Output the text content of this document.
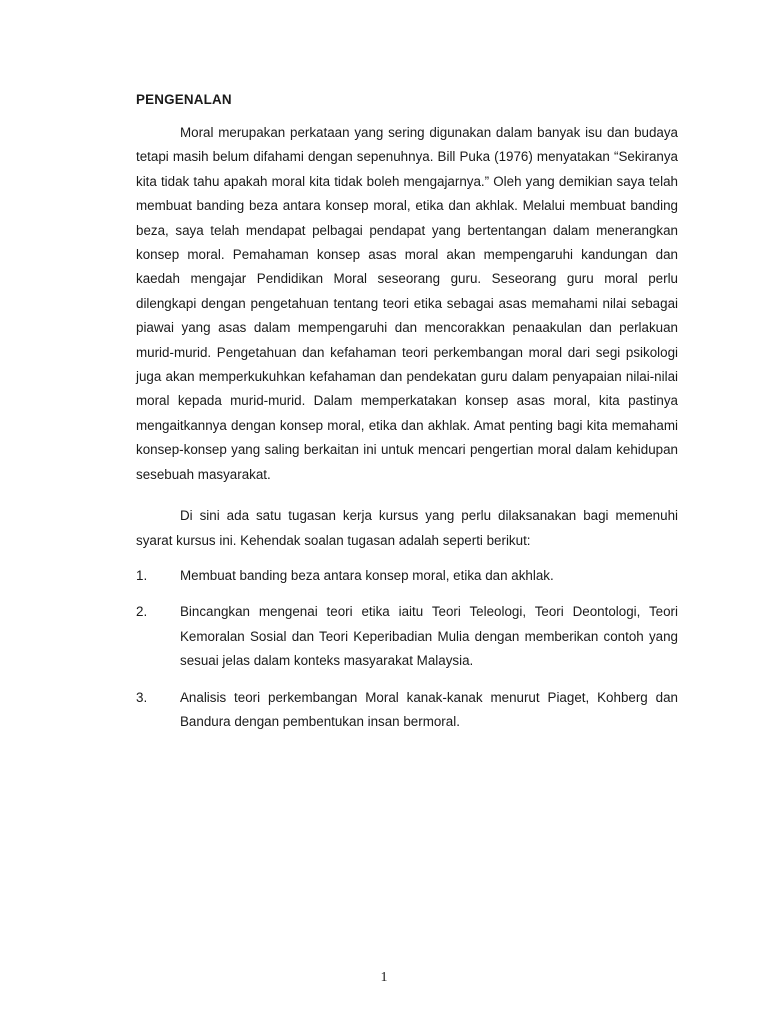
PENGENALAN

Moral merupakan perkataan yang sering digunakan dalam banyak isu dan budaya tetapi masih belum difahami dengan sepenuhnya. Bill Puka (1976) menyatakan “Sekiranya kita tidak tahu apakah moral kita tidak boleh mengajarnya.” Oleh yang demikian saya telah membuat banding beza antara konsep moral, etika dan akhlak. Melalui membuat banding beza, saya telah mendapat pelbagai pendapat yang bertentangan dalam menerangkan konsep moral. Pemahaman konsep asas moral akan mempengaruhi kandungan dan kaedah mengajar Pendidikan Moral seseorang guru. Seseorang guru moral perlu dilengkapi dengan pengetahuan tentang teori etika sebagai asas memahami nilai sebagai piawai yang asas dalam mempengaruhi dan mencorakkan penaakulan dan perlakuan murid-murid. Pengetahuan dan kefahaman teori perkembangan moral dari segi psikologi juga akan memperkukuhkan kefahaman dan pendekatan guru dalam penyapaian nilai-nilai moral kepada murid-murid. Dalam memperkatakan konsep asas moral, kita pastinya mengaitkannya dengan konsep moral, etika dan akhlak. Amat penting bagi kita memahami konsep-konsep yang saling berkaitan ini untuk mencari pengertian moral dalam kehidupan sesebuah masyarakat.

Di sini ada satu tugasan kerja kursus yang perlu dilaksanakan bagi memenuhi syarat kursus ini. Kehendak soalan tugasan adalah seperti berikut:

1.	Membuat banding beza antara konsep moral, etika dan akhlak.
2.	Bincangkan mengenai teori etika iaitu Teori Teleologi, Teori Deontologi, Teori Kemoralan Sosial dan Teori Keperibadian Mulia dengan memberikan contoh yang sesuai jelas dalam konteks masyarakat Malaysia.
3.	Analisis teori perkembangan Moral kanak-kanak menurut Piaget, Kohberg dan Bandura dengan pembentukan insan bermoral.
1
